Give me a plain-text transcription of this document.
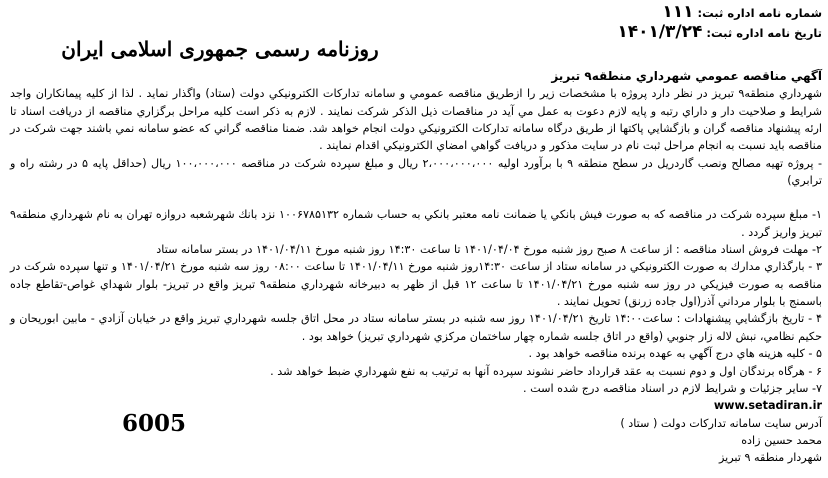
شماره نامه اداره ثبت:۱۱۱
تاریخ نامه اداره ثبت:۱۴۰۱/۳/۲۴
روزنامه رسمی جمهوری اسلامی ایران

آگهي مناقصه عمومي شهرداري منطقه۹ تبريز

شهرداري منطقه۹ تبريز در نظر دارد پروژه با مشخصات زير را ازطريق مناقصه عمومي و سامانه تداركات الكترونيكي دولت (ستاد) واگذار نمايد . لذا از كليه پيمانكاران واجد شرايط و صلاحيت دار و داراي رتبه و پايه لازم دعوت به عمل مي آيد در مناقصات ذيل الذكر شركت نمايند . لازم به ذكر است كليه مراحل برگزاري مناقصه از دريافت اسناد تا ارئه پيشنهاد مناقصه گران و بازگشايي پاكتها از طريق درگاه سامانه تداركات الكترونيكي دولت انجام خواهد شد. ضمنا مناقصه گراني كه عضو سامانه نمي باشند جهت شركت در مناقصه بايد نسبت به انجام مراحل ثبت نام در سايت مذكور و دريافت گواهي امضاي الكترونيكي اقدام نمايند .

- پروژه تهيه مصالح ونصب گاردريل در سطح منطقه ۹ با برآورد اوليه ۲،۰۰۰،۰۰۰،۰۰۰ ريال و مبلغ سپرده شركت در مناقصه ۱۰۰،۰۰۰،۰۰۰ ريال (حداقل پايه ۵ در رشته راه و ترابري)

۱- مبلغ سپرده شركت در مناقصه كه به صورت فيش بانكي يا ضمانت نامه معتبر بانكي به حساب شماره ۱۰۰۶۷۸۵۱۳۲ نزد بانك شهرشعبه دروازه تهران به نام شهرداري منطقه۹ تبريز واريز گردد .

۲- مهلت فروش اسناد مناقصه : از ساعت ۸ صبح روز شنبه مورخ ۱۴۰۱/۰۴/۰۴ تا ساعت ۱۴:۳۰ روز شنبه مورخ ۱۴۰۱/۰۴/۱۱ در بستر سامانه ستاد

۳ - بارگذاري مدارك به صورت الكترونيكي در سامانه ستاد از ساعت ۱۴:۳۰روز شنبه مورخ ۱۴۰۱/۰۴/۱۱ تا ساعت ۰۸:۰۰ روز سه شنبه مورخ ۱۴۰۱/۰۴/۲۱ و تنها سپرده شركت در مناقصه به صورت فيزيكي در روز سه شنبه مورخ ۱۴۰۱/۰۴/۲۱ تا ساعت ۱۲ قبل از ظهر به دبيرخانه شهرداري منطقه۹ تبريز واقع در تبريز- بلوار شهداي غواص-تقاطع جاده باسمنج با بلوار مرداني آذر(اول جاده زرنق) تحويل نمايند .

۴ - تاريخ بازگشايي پيشنهادات : ساعت۱۴:۰۰ تاريخ ۱۴۰۱/۰۴/۲۱ روز سه شنبه در بستر سامانه ستاد در محل اتاق جلسه شهرداري تبريز واقع در خيابان آزادي - مابين ابوريحان و حكيم نظامي، نبش لاله زار جنوبي (واقع در اتاق جلسه شماره چهار ساختمان مركزي شهرداري تبريز) خواهد بود .

۵ - كليه هزينه هاي درج آگهي به عهده برنده مناقصه خواهد بود .

۶ - هرگاه برندگان اول و دوم نسبت به عقد قرارداد حاضر نشوند سپرده آنها به ترتيب به نفع شهرداري ضبط خواهد شد .

۷- ساير جزئيات و شرايط لازم در اسناد مناقصه درج شده است .

www.setadiran.ir

آدرس سايت سامانه تداركات دولت ( ستاد )

محمد حسين زاده

شهردار منطقه ۹ تبريز

6005
